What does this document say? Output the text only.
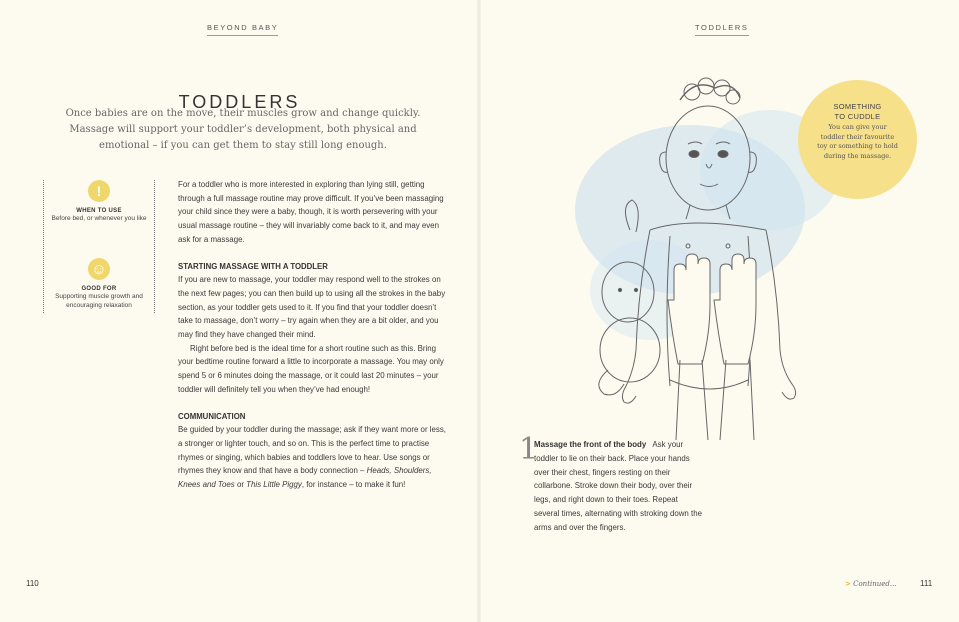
BEYOND BABY	TODDLERS
TODDLERS
Once babies are on the move, their muscles grow and change quickly. Massage will support your toddler’s development, both physical and emotional – if you can get them to stay still long enough.
!
WHEN TO USE
Before bed, or whenever you like
☺
GOOD FOR
Supporting muscle growth and encouraging relaxation

For a toddler who is more interested in exploring than lying still, getting through a full massage routine may prove difficult. If you’ve been massaging your child since they were a baby, though, it is worth persevering with your usual massage routine – they will invariably come back to it, and may even ask for a massage.

STARTING MASSAGE WITH A TODDLER

If you are new to massage, your toddler may respond well to the strokes on the next few pages; you can then build up to using all the strokes in the baby section, as your toddler gets used to it. If you find that your toddler doesn’t take to massage, don’t worry – try again when they are a bit older, and you may find they have changed their mind.

Right before bed is the ideal time for a short routine such as this. Bring your bedtime routine forward a little to incorporate a massage. You may only spend 5 or 6 minutes doing the massage, or it could last 20 minutes – your toddler will definitely tell you when they’ve had enough!

COMMUNICATION

Be guided by your toddler during the massage; ask if they want more or less, a stronger or lighter touch, and so on. This is the perfect time to practise rhymes or singing, which babies and toddlers love to hear. Use songs or rhymes they know and that have a body connection – Heads, Shoulders, Knees and Toes or This Little Piggy, for instance – to make it fun!

SOMETHING
TO CUDDLE
You can give your toddler their favourite toy or something to hold during the massage.
1
Massage the front of the body Ask your toddler to lie on their back. Place your hands over their chest, fingers resting on their collarbone. Stroke down their body, over their legs, and right down to their toes. Repeat several times, alternating with stroking down the arms and over the fingers.
110	> Continued...	111
